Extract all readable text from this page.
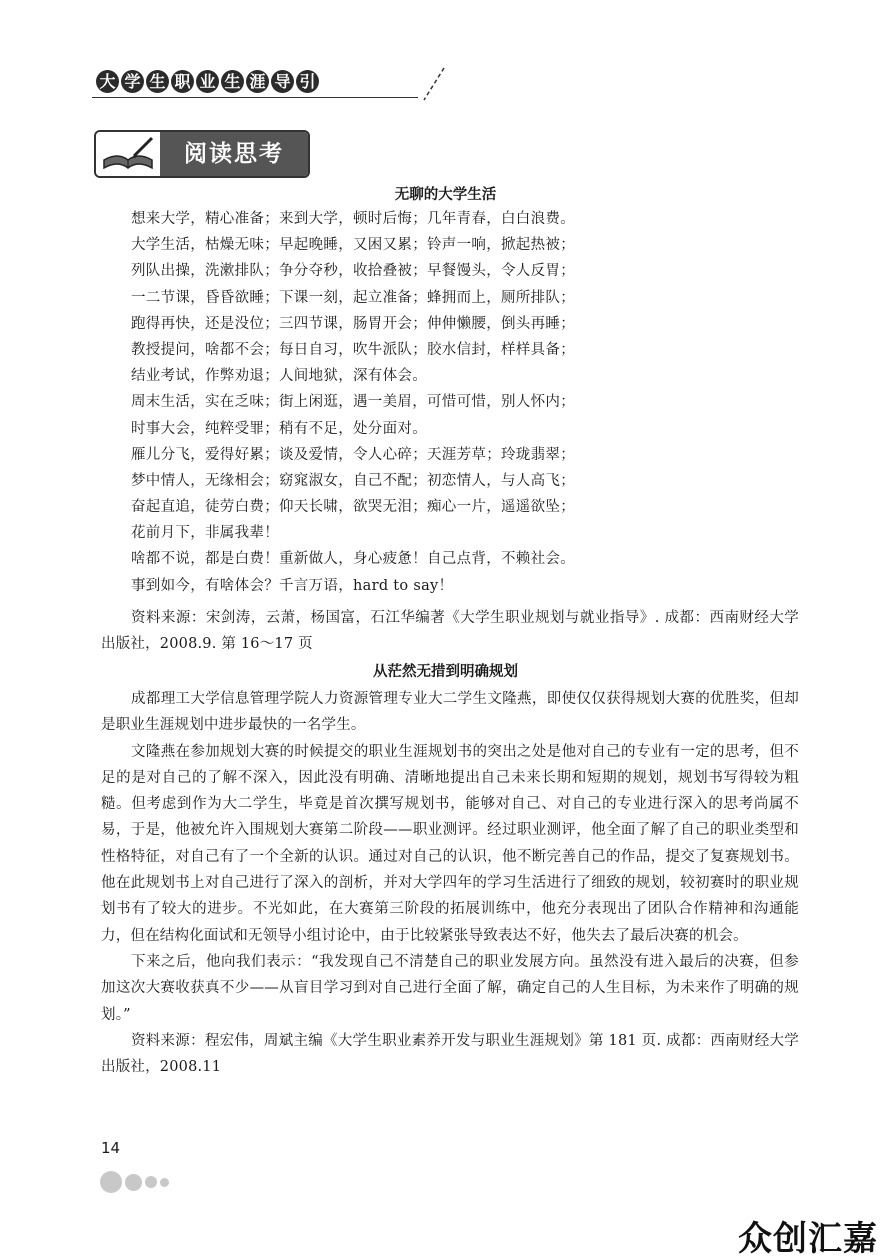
大 学 生 职 业 生 涯 导 引
阅读思考
无聊的大学生活
想来大学，精心准备；来到大学，顿时后悔；几年青春，白白浪费。
大学生活，枯燥无味；早起晚睡，又困又累；铃声一响，掀起热被；
列队出操，洗漱排队；争分夺秒，收拾叠被；早餐馒头，令人反胃；
一二节课，昏昏欲睡；下课一刻，起立准备；蜂拥而上，厕所排队；
跑得再快，还是没位；三四节课，肠胃开会；伸伸懒腰，倒头再睡；
教授提问，啥都不会；每日自习，吹牛派队；胶水信封，样样具备；
结业考试，作弊劝退；人间地狱，深有体会。
周末生活，实在乏味；街上闲逛，遇一美眉，可惜可惜，别人怀内；
时事大会，纯粹受罪；稍有不足，处分面对。
雁儿分飞，爱得好累；谈及爱情，令人心碎；天涯芳草；玲珑翡翠；
梦中情人，无缘相会；窈窕淑女，自己不配；初恋情人，与人高飞；
奋起直追，徒劳白费；仰天长啸，欲哭无泪；痴心一片，遥遥欲坠；
花前月下，非属我辈！
啥都不说，都是白费！重新做人，身心疲惫！自己点背，不赖社会。
事到如今，有啥体会？千言万语，hard to say！

资料来源：宋剑涛，云萧，杨国富，石江华编著《大学生职业规划与就业指导》. 成都：西南财经大学出版社，2008.9. 第 16～17 页

从茫然无措到明确规划

成都理工大学信息管理学院人力资源管理专业大二学生文隆燕，即使仅仅获得规划大赛的优胜奖，但却是职业生涯规划中进步最快的一名学生。

文隆燕在参加规划大赛的时候提交的职业生涯规划书的突出之处是他对自己的专业有一定的思考，但不足的是对自己的了解不深入，因此没有明确、清晰地提出自己未来长期和短期的规划，规划书写得较为粗糙。但考虑到作为大二学生，毕竟是首次撰写规划书，能够对自己、对自己的专业进行深入的思考尚属不易，于是，他被允许入围规划大赛第二阶段——职业测评。经过职业测评，他全面了解了自己的职业类型和性格特征，对自己有了一个全新的认识。通过对自己的认识，他不断完善自己的作品，提交了复赛规划书。他在此规划书上对自己进行了深入的剖析，并对大学四年的学习生活进行了细致的规划，较初赛时的职业规划书有了较大的进步。不光如此，在大赛第三阶段的拓展训练中，他充分表现出了团队合作精神和沟通能力，但在结构化面试和无领导小组讨论中，由于比较紧张导致表达不好，他失去了最后决赛的机会。

下来之后，他向我们表示：“我发现自己不清楚自己的职业发展方向。虽然没有进入最后的决赛，但参加这次大赛收获真不少——从盲目学习到对自己进行全面了解，确定自己的人生目标，为未来作了明确的规划。”

资料来源：程宏伟，周斌主编《大学生职业素养开发与职业生涯规划》第 181 页. 成都：西南财经大学出版社，2008.11

14
众创汇嘉
